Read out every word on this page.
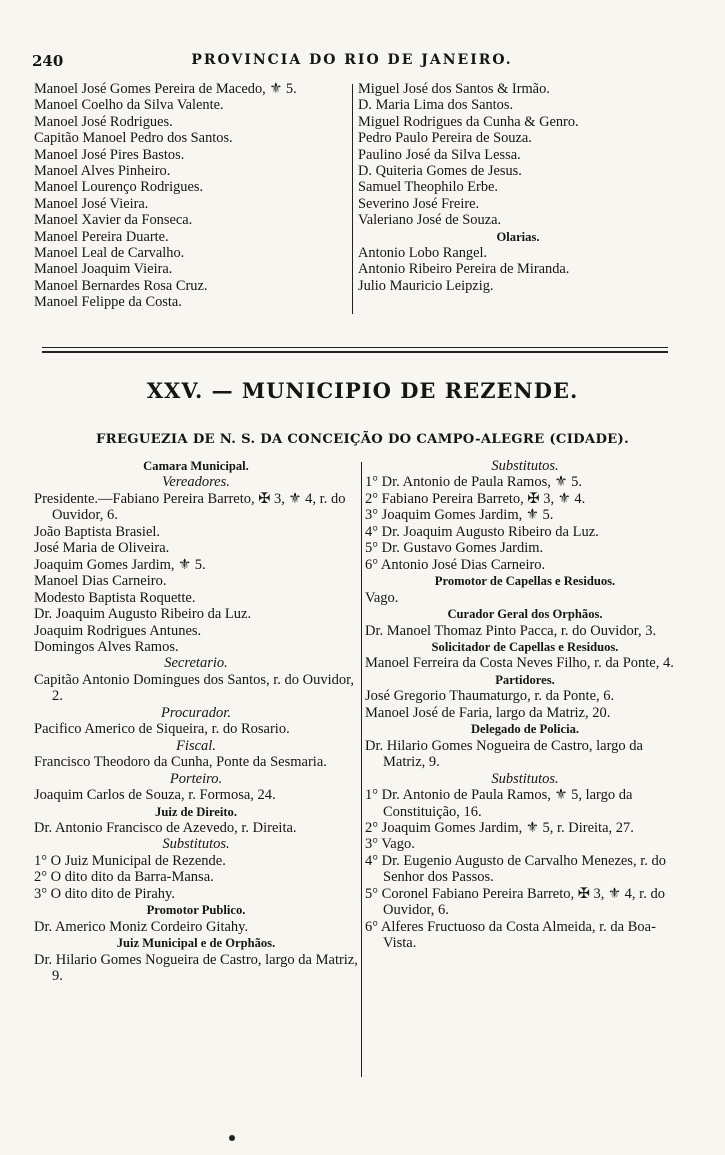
240	PROVINCIA DO RIO DE JANEIRO.
Manoel José Gomes Pereira de Macedo, ⚜ 5.
Manoel Coelho da Silva Valente.
Manoel José Rodrigues.
Capitão Manoel Pedro dos Santos.
Manoel José Pires Bastos.
Manoel Alves Pinheiro.
Manoel Lourenço Rodrigues.
Manoel José Vieira.
Manoel Xavier da Fonseca.
Manoel Pereira Duarte.
Manoel Leal de Carvalho.
Manoel Joaquim Vieira.
Manoel Bernardes Rosa Cruz.
Manoel Felippe da Costa.
Miguel José dos Santos & Irmão.
D. Maria Lima dos Santos.
Miguel Rodrigues da Cunha & Genro.
Pedro Paulo Pereira de Souza.
Paulino José da Silva Lessa.
D. Quiteria Gomes de Jesus.
Samuel Theophilo Erbe.
Severino José Freire.
Valeriano José de Souza.
Olarias.
Antonio Lobo Rangel.
Antonio Ribeiro Pereira de Miranda.
Julio Mauricio Leipzig.
XXV. — MUNICIPIO DE REZENDE.
FREGUEZIA DE N. S. DA CONCEIÇÃO DO CAMPO-ALEGRE (CIDADE).
Camara Municipal.
Vereadores.
Presidente.—Fabiano Pereira Barreto, ✠ 3, ⚜ 4, r. do Ouvidor, 6.
João Baptista Brasiel.
José Maria de Oliveira.
Joaquim Gomes Jardim, ⚜ 5.
Manoel Dias Carneiro.
Modesto Baptista Roquette.
Dr. Joaquim Augusto Ribeiro da Luz.
Joaquim Rodrigues Antunes.
Domingos Alves Ramos.
Secretario.
Capitão Antonio Domingues dos Santos, r. do Ouvidor, 2.
Procurador.
Pacifico Americo de Siqueira, r. do Rosario.
Fiscal.
Francisco Theodoro da Cunha, Ponte da Sesmaria.
Porteiro.
Joaquim Carlos de Souza, r. Formosa, 24.
Juiz de Direito.
Dr. Antonio Francisco de Azevedo, r. Direita.
Substitutos.
1° O Juiz Municipal de Rezende.
2° O dito dito da Barra-Mansa.
3° O dito dito de Pirahy.
Promotor Publico.
Dr. Americo Moniz Cordeiro Gitahy.
Juiz Municipal e de Orphãos.
Dr. Hilario Gomes Nogueira de Castro, largo da Matriz, 9.
Substitutos.
1° Dr. Antonio de Paula Ramos, ⚜ 5.
2° Fabiano Pereira Barreto, ✠ 3, ⚜ 4.
3° Joaquim Gomes Jardim, ⚜ 5.
4° Dr. Joaquim Augusto Ribeiro da Luz.
5° Dr. Gustavo Gomes Jardim.
6° Antonio José Dias Carneiro.
Promotor de Capellas e Residuos.
Vago.
Curador Geral dos Orphãos.
Dr. Manoel Thomaz Pinto Pacca, r. do Ouvidor, 3.
Solicitador de Capellas e Residuos.
Manoel Ferreira da Costa Neves Filho, r. da Ponte, 4.
Partidores.
José Gregorio Thaumaturgo, r. da Ponte, 6.
Manoel José de Faria, largo da Matriz, 20.
Delegado de Policia.
Dr. Hilario Gomes Nogueira de Castro, largo da Matriz, 9.
Substitutos.
1° Dr. Antonio de Paula Ramos, ⚜ 5, largo da Constituição, 16.
2° Joaquim Gomes Jardim, ⚜ 5, r. Direita, 27.
3° Vago.
4° Dr. Eugenio Augusto de Carvalho Menezes, r. do Senhor dos Passos.
5° Coronel Fabiano Pereira Barreto, ✠ 3, ⚜ 4, r. do Ouvidor, 6.
6° Alferes Fructuoso da Costa Almeida, r. da Boa-Vista.
